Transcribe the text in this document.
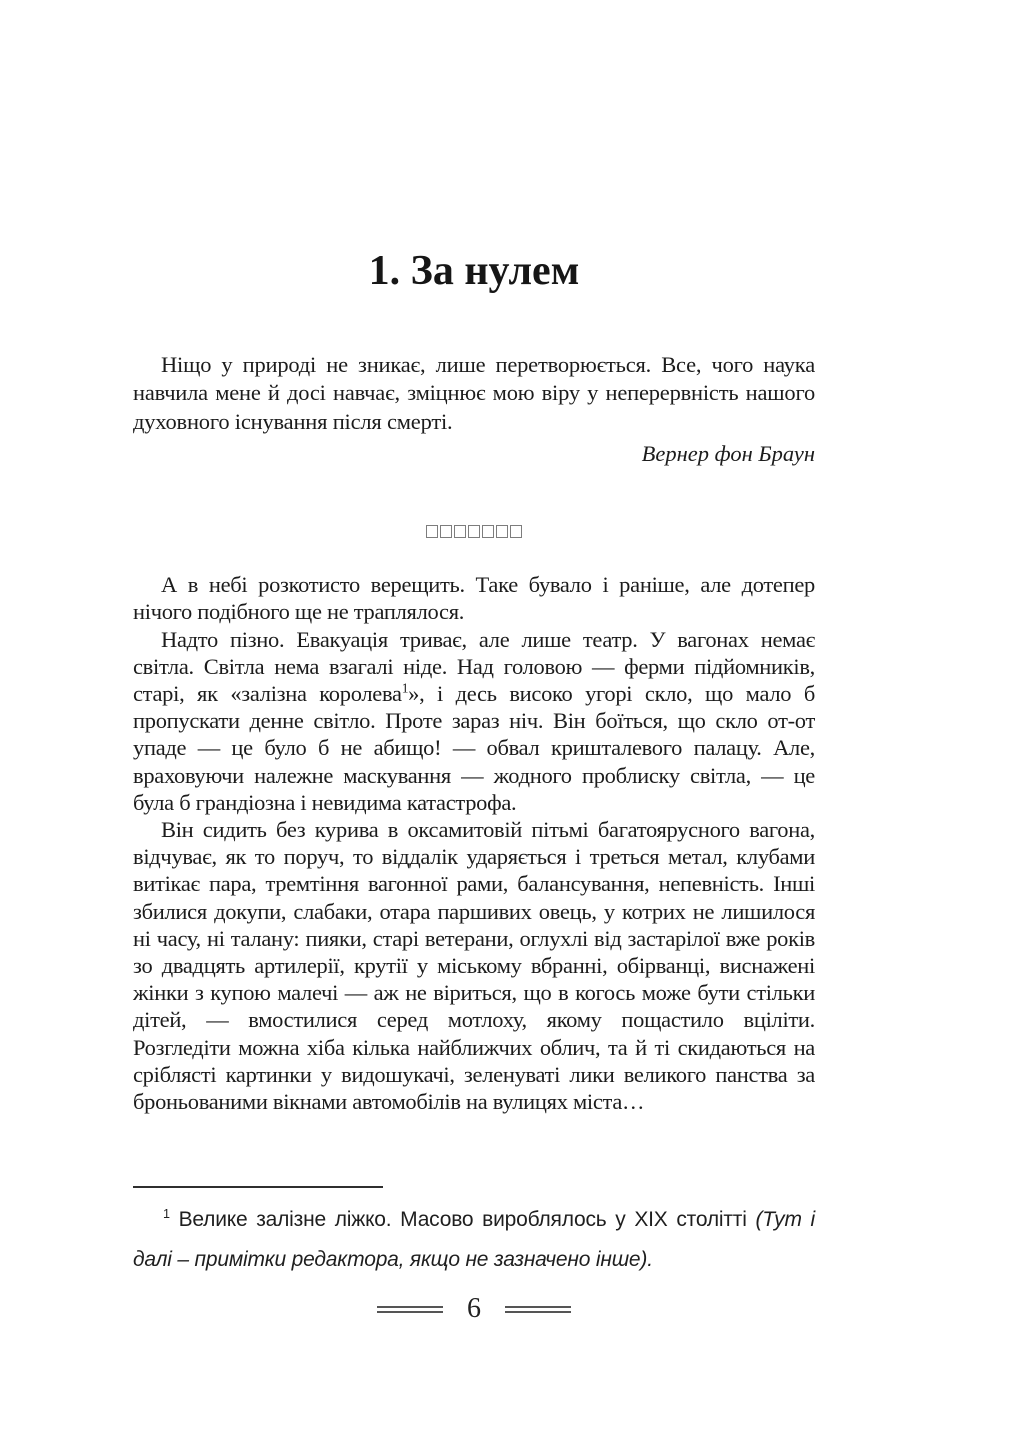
1. За нулем
Ніщо у природі не зникає, лише перетворюється. Все, чого наука навчила мене й досі навчає, зміцнює мою віру у неперервність нашого духовного існування після смерті.
Вернер фон Браун

А в небі розкотисто верещить. Таке бувало і раніше, але дотепер нічого подібного ще не траплялося.

Надто пізно. Евакуація триває, але лише театр. У вагонах немає світла. Світла нема взагалі ніде. Над головою — ферми підйомників, старі, як «залізна королева$^1$», і десь високо угорі скло, що мало б пропускати денне світло. Проте зараз ніч. Він боїться, що скло от-от упаде — це було б не абищо! — обвал кришталевого палацу. Але, враховуючи належне маскування — жодного проблиску світла, — це була б грандіозна і невидима катастрофа.

Він сидить без курива в оксамитовій пітьмі багатоярусного вагона, відчуває, як то поруч, то віддалік ударяється і треться метал, клубами витікає пара, тремтіння вагонної рами, балансування, непевність. Інші збилися докупи, слабаки, отара паршивих овець, у котрих не лишилося ні часу, ні талану: пияки, старі ветерани, оглухлі від застарілої вже років зо двадцять артилерії, крутії у міському вбранні, обірванці, виснажені жінки з купою малечі — аж не віриться, що в когось може бути стільки дітей, — вмостилися серед мотлоху, якому пощастило вціліти. Розгледіти можна хіба кілька найближчих облич, та й ті скидаються на сріблясті картинки у видошукачі, зеленуваті лики великого панства за броньованими вікнами автомобілів на вулицях міста…

$^1$ Велике залізне ліжко. Масово вироблялось у XIX столітті (Тут і далі – примітки редактора, якщо не зазначено інше).
6
